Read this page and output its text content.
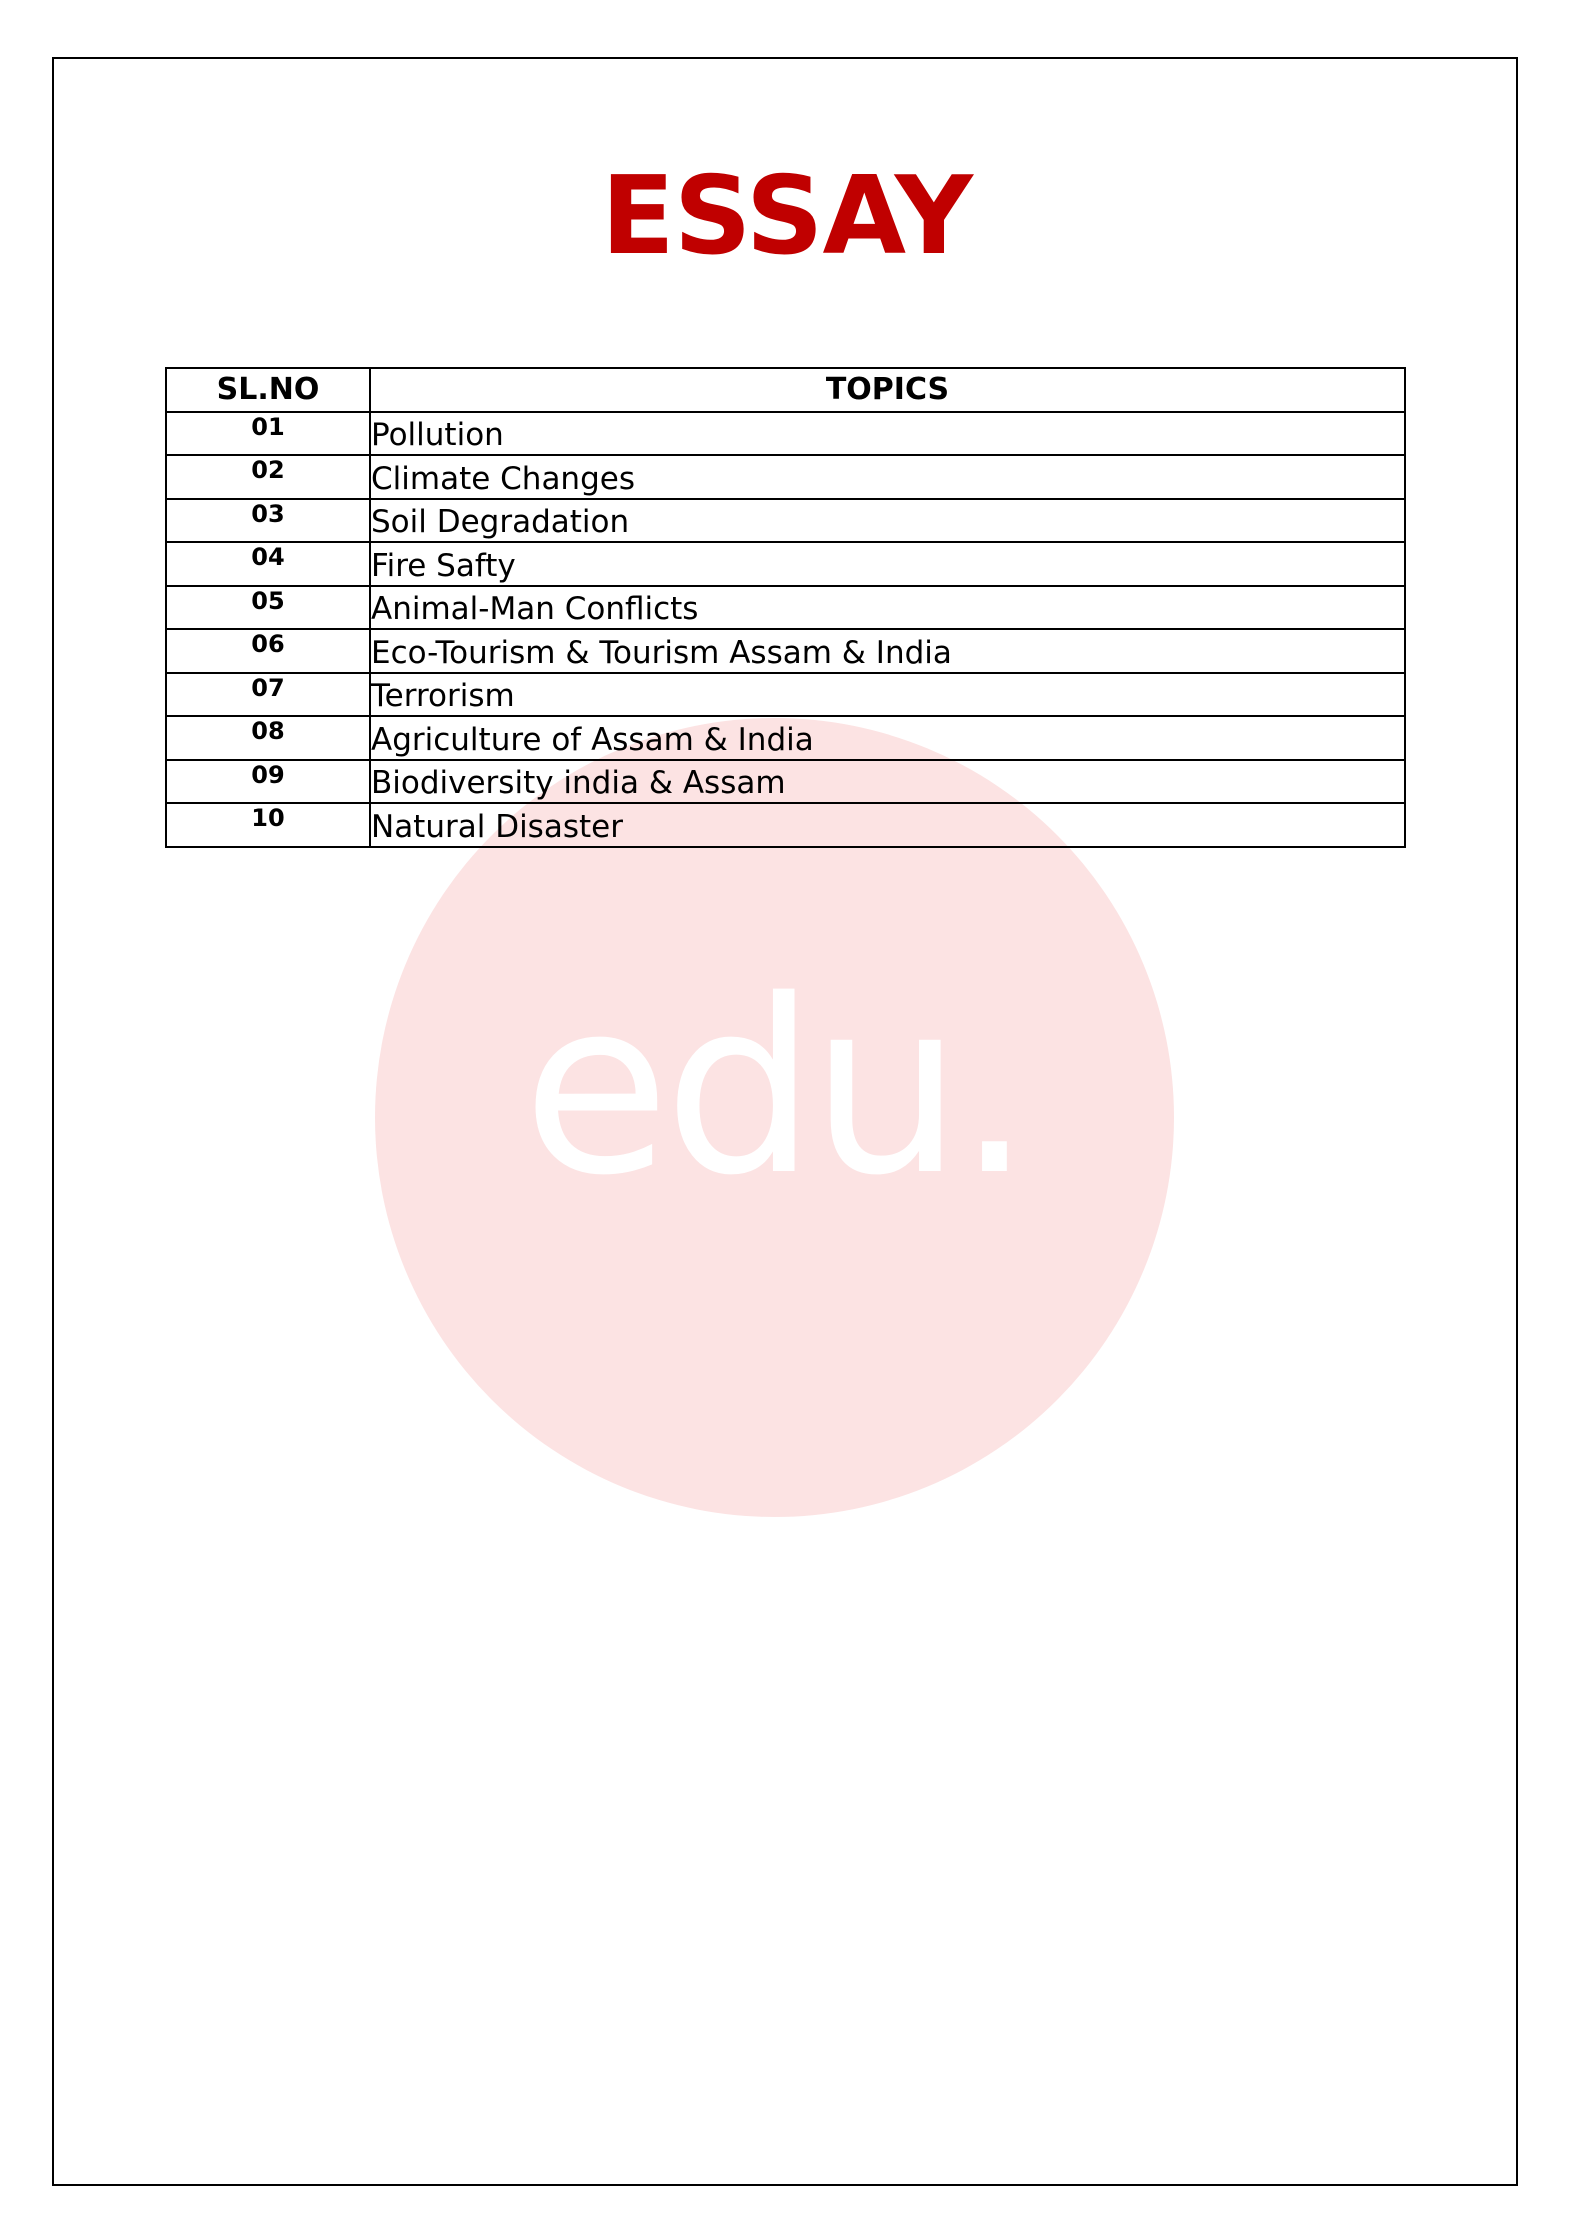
edu.
ESSAY
SL.NO	TOPICS
01	Pollution
02	Climate Changes
03	Soil Degradation
04	Fire Safty
05	Animal-Man Conflicts
06	Eco-Tourism & Tourism Assam & India
07	Terrorism
08	Agriculture of Assam & India
09	Biodiversity india & Assam
10	Natural Disaster
